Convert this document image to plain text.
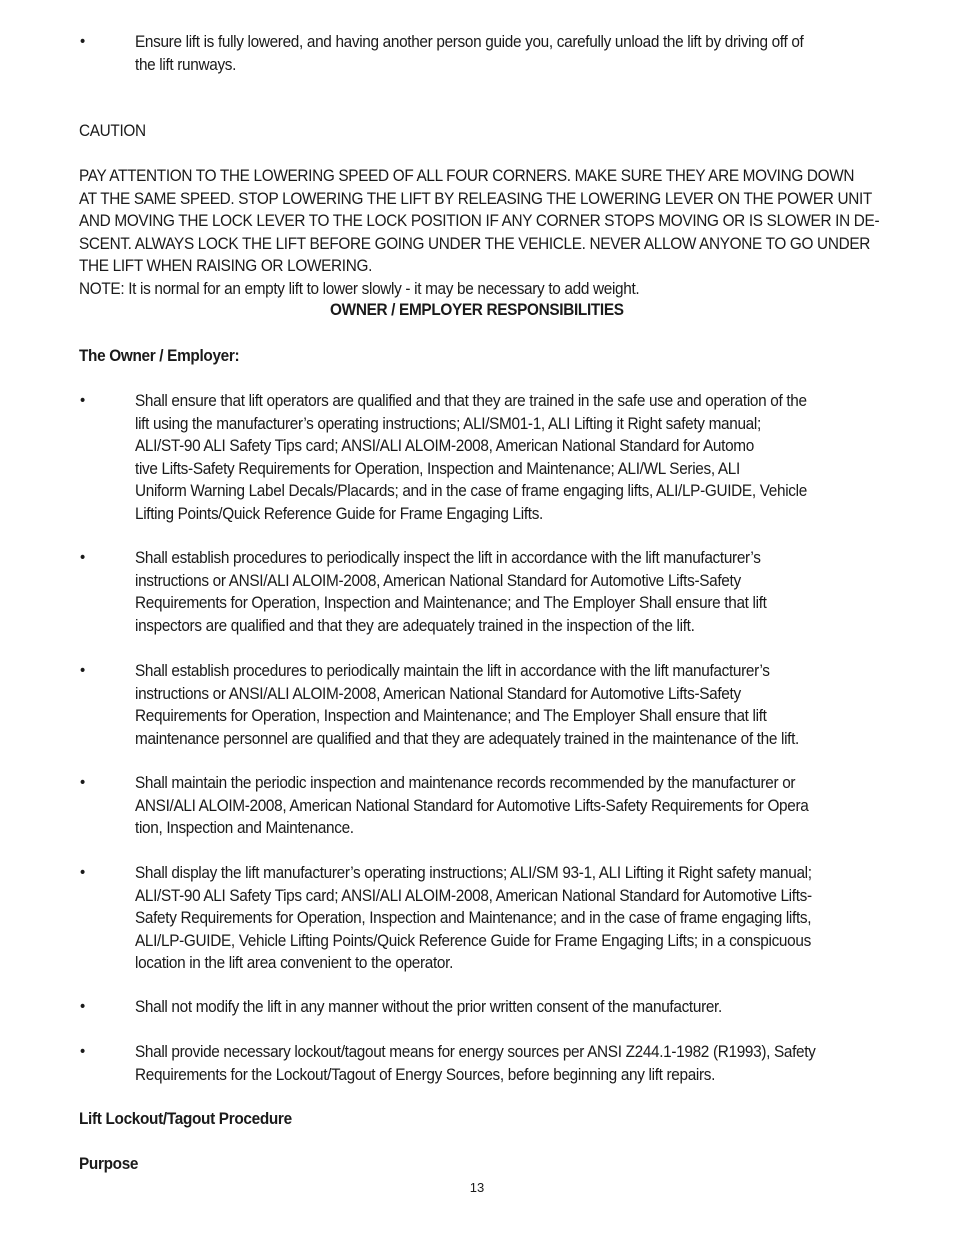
•	Ensure lift is fully lowered, and having another person guide you, carefully unload the lift by driving off of
the lift runways.
CAUTION
PAY ATTENTION TO THE LOWERING SPEED OF ALL FOUR CORNERS. MAKE SURE THEY ARE MOVING DOWN
AT THE SAME SPEED. STOP LOWERING THE LIFT BY RELEASING THE LOWERING LEVER ON THE POWER UNIT
AND MOVING THE LOCK LEVER TO THE LOCK POSITION IF ANY CORNER STOPS MOVING OR IS SLOWER IN DE-
SCENT. ALWAYS LOCK THE LIFT BEFORE GOING UNDER THE VEHICLE. NEVER ALLOW ANYONE TO GO UNDER
THE LIFT WHEN RAISING OR LOWERING.
NOTE: It is normal for an empty lift to lower slowly - it may be necessary to add weight.
OWNER / EMPLOYER RESPONSIBILITIES
The Owner / Employer:
•	Shall ensure that lift operators are qualified and that they are trained in the safe use and operation of the
lift using the manufacturer’s operating instructions; ALI/SM01-1, ALI Lifting it Right safety manual;
ALI/ST-90 ALI Safety Tips card; ANSI/ALI ALOIM-2008, American National Standard for Automo
tive Lifts-Safety Requirements for Operation, Inspection and Maintenance; ALI/WL Series, ALI
Uniform Warning Label Decals/Placards; and in the case of frame engaging lifts, ALI/LP-GUIDE, Vehicle
Lifting Points/Quick Reference Guide for Frame Engaging Lifts.
•	Shall establish procedures to periodically inspect the lift in accordance with the lift manufacturer’s
instructions or ANSI/ALI ALOIM-2008, American National Standard for Automotive Lifts-Safety
Requirements for Operation, Inspection and Maintenance; and The Employer Shall ensure that lift
inspectors are qualified and that they are adequately trained in the inspection of the lift.
•	Shall establish procedures to periodically maintain the lift in accordance with the lift manufacturer’s
instructions or ANSI/ALI ALOIM-2008, American National Standard for Automotive Lifts-Safety
Requirements for Operation, Inspection and Maintenance; and The Employer Shall ensure that lift
maintenance personnel are qualified and that they are adequately trained in the maintenance of the lift.
•	Shall maintain the periodic inspection and maintenance records recommended by the manufacturer or
ANSI/ALI ALOIM-2008, American National Standard for Automotive Lifts-Safety Requirements for Opera
tion, Inspection and Maintenance.
•	Shall display the lift manufacturer’s operating instructions; ALI/SM 93-1, ALI Lifting it Right safety manual;
ALI/ST-90 ALI Safety Tips card; ANSI/ALI ALOIM-2008, American National Standard for Automotive Lifts-
Safety Requirements for Operation, Inspection and Maintenance; and in the case of frame engaging lifts,
ALI/LP-GUIDE, Vehicle Lifting Points/Quick Reference Guide for Frame Engaging Lifts; in a conspicuous
location in the lift area convenient to the operator.
•	Shall not modify the lift in any manner without the prior written consent of the manufacturer.
•	Shall provide necessary lockout/tagout means for energy sources per ANSI Z244.1-1982 (R1993), Safety
Requirements for the Lockout/Tagout of Energy Sources, before beginning any lift repairs.
Lift Lockout/Tagout Procedure
Purpose
13
